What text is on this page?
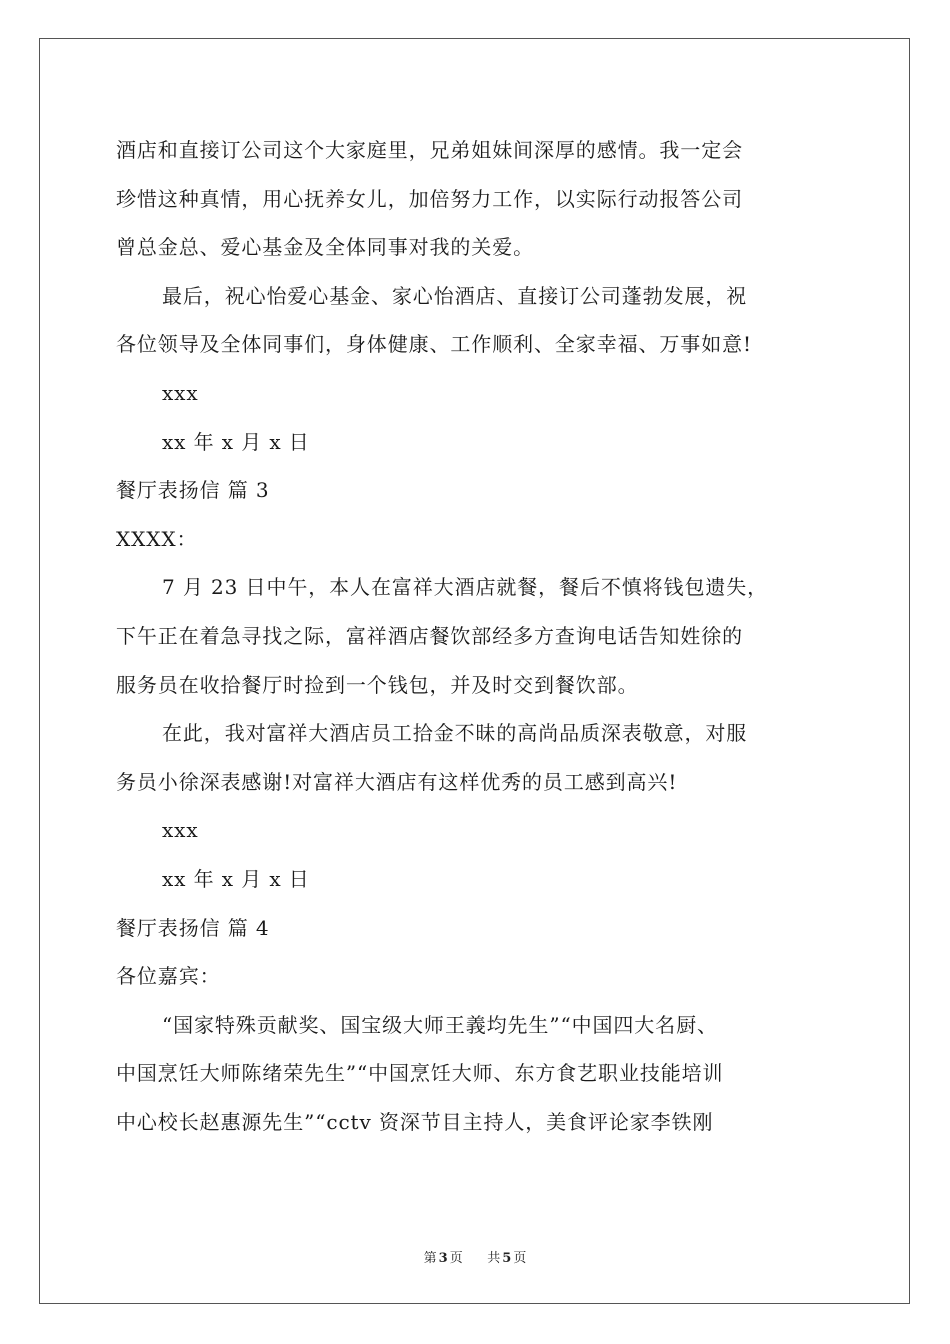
酒店和直接订公司这个大家庭里，兄弟姐妹间深厚的感情。我一定会
珍惜这种真情，用心抚养女儿，加倍努力工作，以实际行动报答公司
曾总金总、爱心基金及全体同事对我的关爱。
最后，祝心怡爱心基金、家心怡酒店、直接订公司蓬勃发展，祝
各位领导及全体同事们，身体健康、工作顺利、全家幸福、万事如意!
xxx
xx 年 x 月 x 日
餐厅表扬信 篇 3
XXXX：
7 月 23 日中午，本人在富祥大酒店就餐，餐后不慎将钱包遗失，
下午正在着急寻找之际，富祥酒店餐饮部经多方查询电话告知姓徐的
服务员在收拾餐厅时捡到一个钱包，并及时交到餐饮部。
在此，我对富祥大酒店员工拾金不昧的高尚品质深表敬意，对服
务员小徐深表感谢!对富祥大酒店有这样优秀的员工感到高兴!
xxx
xx 年 x 月 x 日
餐厅表扬信 篇 4
各位嘉宾：
“国家特殊贡献奖、国宝级大师王義均先生”“中国四大名厨、
中国烹饪大师陈绪荣先生”“中国烹饪大师、东方食艺职业技能培训
中心校长赵惠源先生”“cctv 资深节目主持人，美食评论家李铁刚
第 3 页 共 5 页
